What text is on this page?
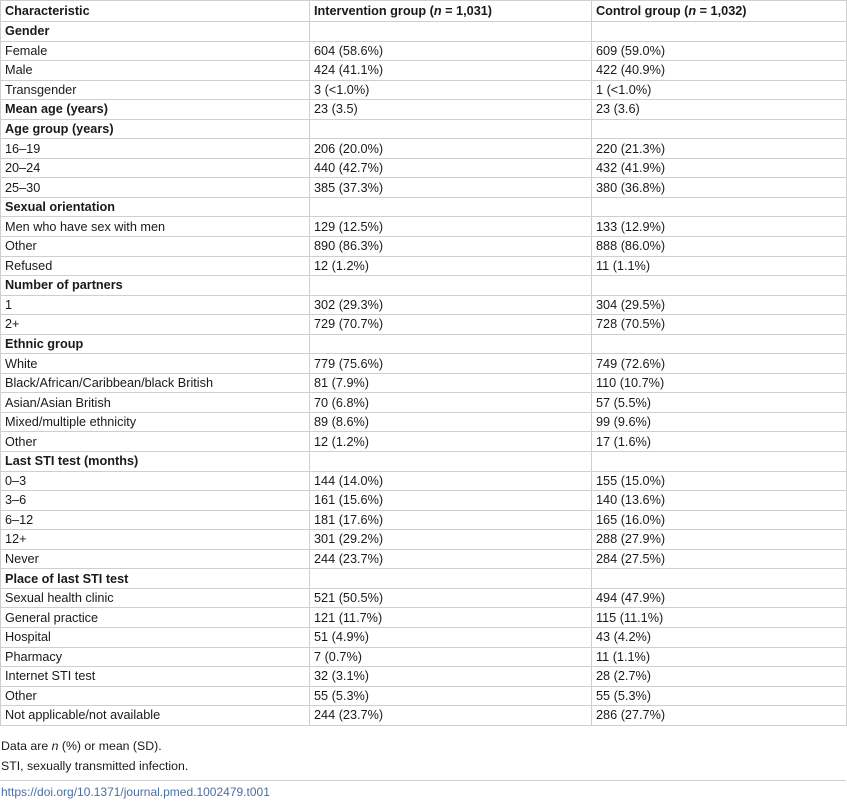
Characteristic	Intervention group (n = 1,031)	Control group (n = 1,032)
Gender		
Female	604 (58.6%)	609 (59.0%)
Male	424 (41.1%)	422 (40.9%)
Transgender	3 (<1.0%)	1 (<1.0%)
Mean age (years)	23 (3.5)	23 (3.6)
Age group (years)		
16–19	206 (20.0%)	220 (21.3%)
20–24	440 (42.7%)	432 (41.9%)
25–30	385 (37.3%)	380 (36.8%)
Sexual orientation		
Men who have sex with men	129 (12.5%)	133 (12.9%)
Other	890 (86.3%)	888 (86.0%)
Refused	12 (1.2%)	11 (1.1%)
Number of partners		
1	302 (29.3%)	304 (29.5%)
2+	729 (70.7%)	728 (70.5%)
Ethnic group		
White	779 (75.6%)	749 (72.6%)
Black/African/Caribbean/black British	81 (7.9%)	110 (10.7%)
Asian/Asian British	70 (6.8%)	57 (5.5%)
Mixed/multiple ethnicity	89 (8.6%)	99 (9.6%)
Other	12 (1.2%)	17 (1.6%)
Last STI test (months)		
0–3	144 (14.0%)	155 (15.0%)
3–6	161 (15.6%)	140 (13.6%)
6–12	181 (17.6%)	165 (16.0%)
12+	301 (29.2%)	288 (27.9%)
Never	244 (23.7%)	284 (27.5%)
Place of last STI test		
Sexual health clinic	521 (50.5%)	494 (47.9%)
General practice	121 (11.7%)	115 (11.1%)
Hospital	51 (4.9%)	43 (4.2%)
Pharmacy	7 (0.7%)	11 (1.1%)
Internet STI test	32 (3.1%)	28 (2.7%)
Other	55 (5.3%)	55 (5.3%)
Not applicable/not available	244 (23.7%)	286 (27.7%)
Data are n (%) or mean (SD).
STI, sexually transmitted infection.
https://doi.org/10.1371/journal.pmed.1002479.t001
